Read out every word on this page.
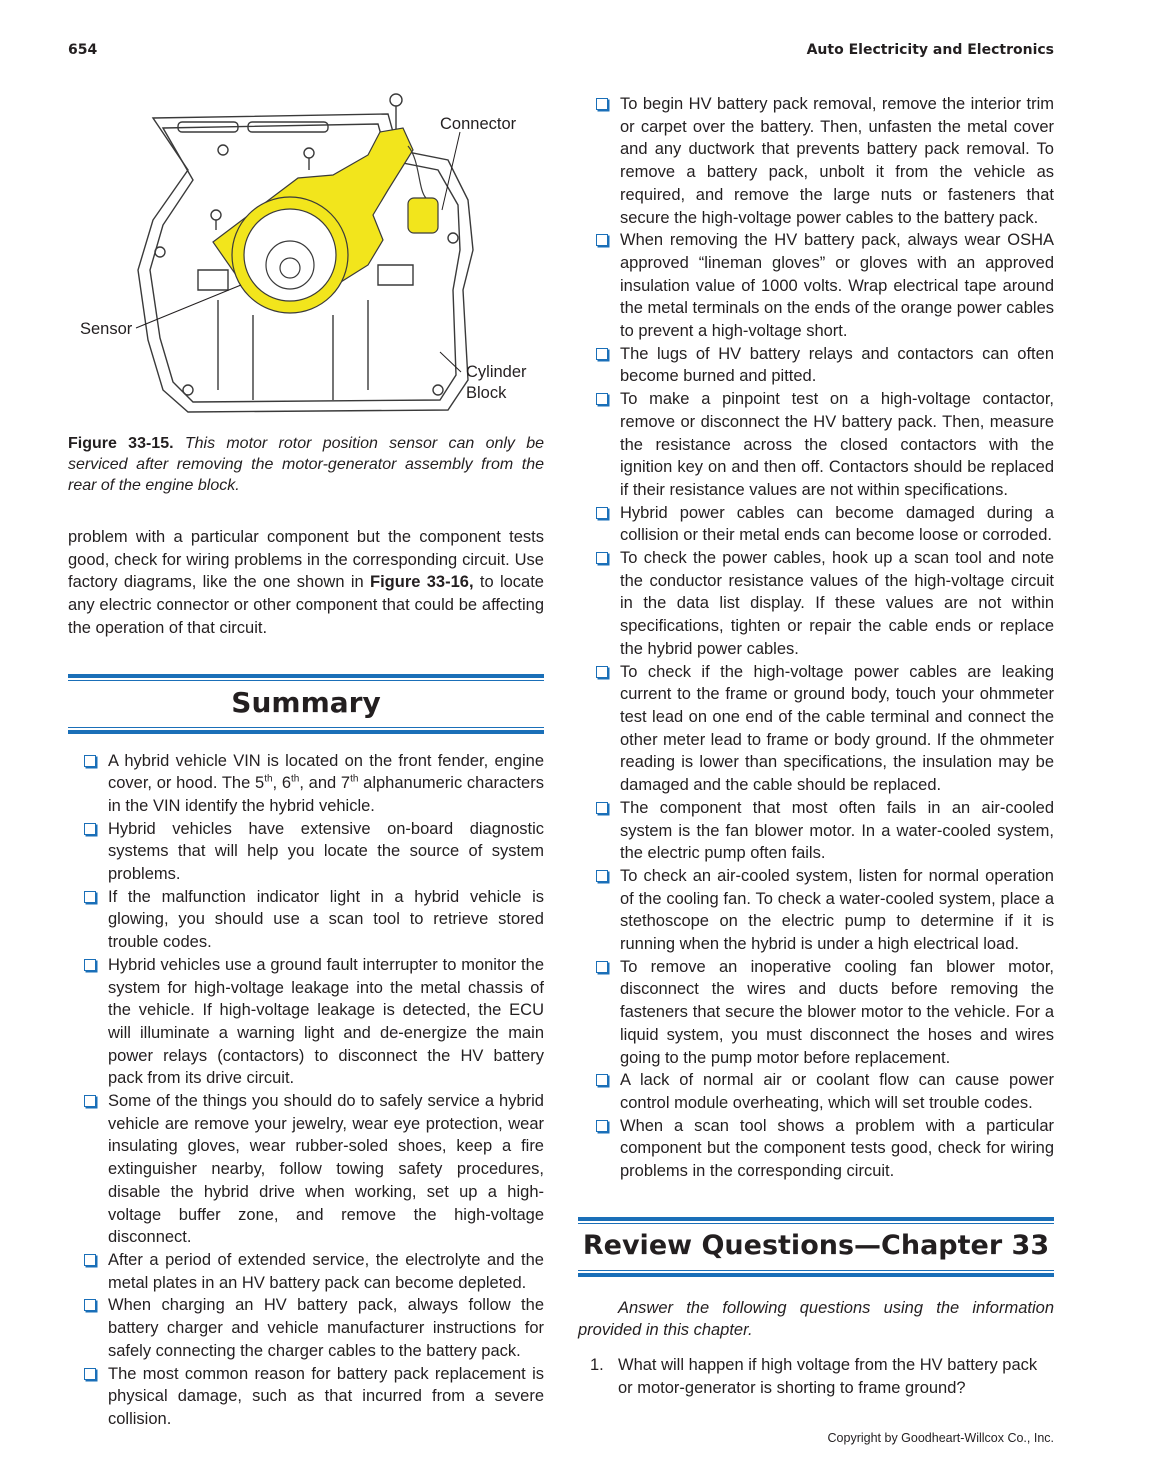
654	Auto Electricity and Electronics
Connector
Sensor
Cylinder
Block

Figure 33-15. This motor rotor position sensor can only be serviced after removing the motor-generator assembly from the rear of the engine block.

problem with a particular component but the component tests good, check for wiring problems in the corresponding circuit. Use factory diagrams, like the one shown in Figure 33-16, to locate any electric connector or other component that could be affecting the operation of that circuit.

Summary
A hybrid vehicle VIN is located on the front fender, engine cover, or hood. The 5th, 6th, and 7th alphanumeric characters in the VIN identify the hybrid vehicle.
Hybrid vehicles have extensive on-board diagnostic systems that will help you locate the source of system problems.
If the malfunction indicator light in a hybrid vehicle is glowing, you should use a scan tool to retrieve stored trouble codes.
Hybrid vehicles use a ground fault interrupter to monitor the system for high-voltage leakage into the metal chassis of the vehicle. If high-voltage leakage is detected, the ECU will illuminate a warning light and de-energize the main power relays (contactors) to disconnect the HV battery pack from its drive circuit.
Some of the things you should do to safely service a hybrid vehicle are remove your jewelry, wear eye protection, wear insulating gloves, wear rubber-soled shoes, keep a fire extinguisher nearby, follow towing safety procedures, disable the hybrid drive when working, set up a high-voltage buffer zone, and remove the high-voltage disconnect.
After a period of extended service, the electrolyte and the metal plates in an HV battery pack can become depleted.
When charging an HV battery pack, always follow the battery charger and vehicle manufacturer instructions for safely connecting the charger cables to the battery pack.
The most common reason for battery pack replacement is physical damage, such as that incurred from a severe collision.
To begin HV battery pack removal, remove the interior trim or carpet over the battery. Then, unfasten the metal cover and any ductwork that prevents battery pack removal. To remove a battery pack, unbolt it from the vehicle as required, and remove the large nuts or fasteners that secure the high-voltage power cables to the battery pack.
When removing the HV battery pack, always wear OSHA approved “lineman gloves” or gloves with an approved insulation value of 1000 volts. Wrap electrical tape around the metal terminals on the ends of the orange power cables to prevent a high-voltage short.
The lugs of HV battery relays and contactors can often become burned and pitted.
To make a pinpoint test on a high-voltage contactor, remove or disconnect the HV battery pack. Then, measure the resistance across the closed contactors with the ignition key on and then off. Contactors should be replaced if their resistance values are not within specifications.
Hybrid power cables can become damaged during a collision or their metal ends can become loose or corroded.
To check the power cables, hook up a scan tool and note the conductor resistance values of the high-voltage circuit in the data list display. If these values are not within specifications, tighten or repair the cable ends or replace the hybrid power cables.
To check if the high-voltage power cables are leaking current to the frame or ground body, touch your ohmmeter test lead on one end of the cable terminal and connect the other meter lead to frame or body ground. If the ohmmeter reading is lower than specifications, the insulation may be damaged and the cable should be replaced.
The component that most often fails in an air-cooled system is the fan blower motor. In a water-cooled system, the electric pump often fails.
To check an air-cooled system, listen for normal operation of the cooling fan. To check a water-cooled system, place a stethoscope on the electric pump to determine if it is running when the hybrid is under a high electrical load.
To remove an inoperative cooling fan blower motor, disconnect the wires and ducts before removing the fasteners that secure the blower motor to the vehicle. For a liquid system, you must disconnect the hoses and wires going to the pump motor before replacement.
A lack of normal air or coolant flow can cause power control module overheating, which will set trouble codes.
When a scan tool shows a problem with a particular component but the component tests good, check for wiring problems in the corresponding circuit.
Review Questions—Chapter 33

Answer the following questions using the information provided in this chapter.

1. What will happen if high voltage from the HV battery pack or motor-generator is shorting to frame ground?
Copyright by Goodheart-Willcox Co., Inc.
